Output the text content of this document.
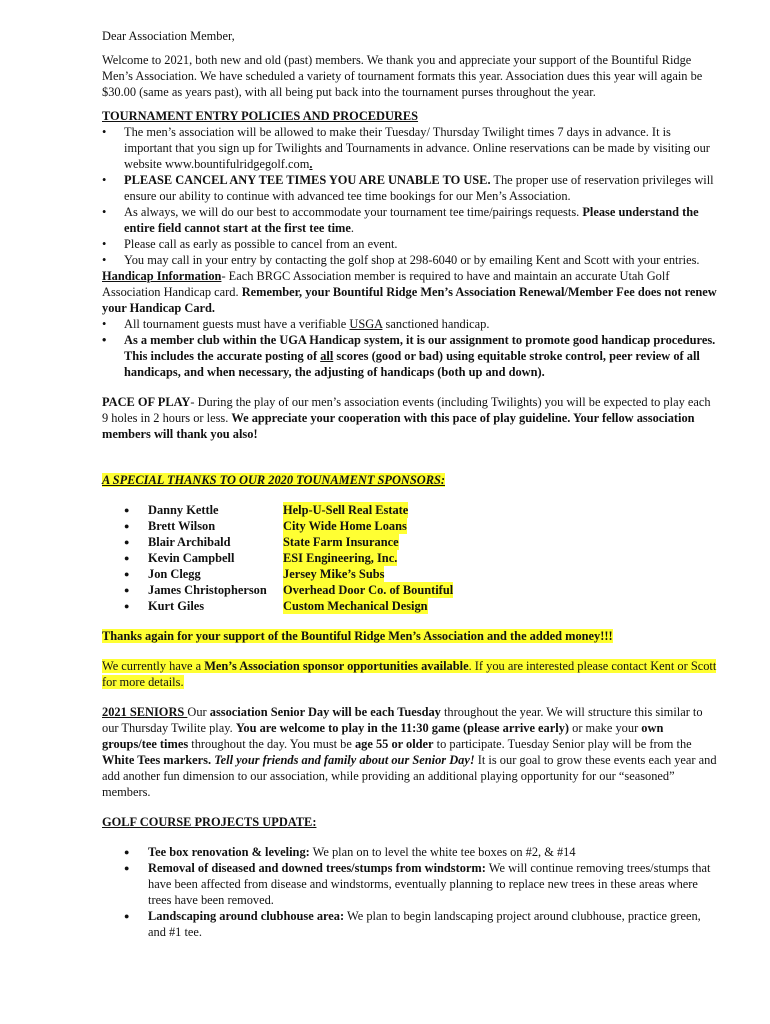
Dear Association Member,

Welcome to 2021, both new and old (past) members. We thank you and appreciate your support of the Bountiful Ridge Men’s Association. We have scheduled a variety of tournament formats this year. Association dues this year will again be $30.00 (same as years past), with all being put back into the tournament purses throughout the year.

TOURNAMENT ENTRY POLICIES AND PROCEDURES

• The men’s association will be allowed to make their Tuesday/ Thursday Twilight times 7 days in advance. It is important that you sign up for Twilights and Tournaments in advance. Online reservations can be made by visiting our website www.bountifulridgegolf.com.
• PLEASE CANCEL ANY TEE TIMES YOU ARE UNABLE TO USE. The proper use of reservation privileges will ensure our ability to continue with advanced tee time bookings for our Men’s Association.
• As always, we will do our best to accommodate your tournament tee time/pairings requests. Please understand the entire field cannot start at the first tee time.
• Please call as early as possible to cancel from an event.
• You may call in your entry by contacting the golf shop at 298-6040 or by emailing Kent and Scott with your entries.

Handicap Information- Each BRGC Association member is required to have and maintain an accurate Utah Golf Association Handicap card. Remember, your Bountiful Ridge Men’s Association Renewal/Member Fee does not renew your Handicap Card.

• All tournament guests must have a verifiable USGA sanctioned handicap.
• As a member club within the UGA Handicap system, it is our assignment to promote good handicap procedures. This includes the accurate posting of all scores (good or bad) using equitable stroke control, peer review of all handicaps, and when necessary, the adjusting of handicaps (both up and down).

PACE OF PLAY- During the play of our men’s association events (including Twilights) you will be expected to play each 9 holes in 2 hours or less. We appreciate your cooperation with this pace of play guideline. Your fellow association members will thank you also!

A SPECIAL THANKS TO OUR 2020 TOUNAMENT SPONSORS:

● Danny Kettle	Help-U-Sell Real Estate
● Brett Wilson	City Wide Home Loans
● Blair Archibald	State Farm Insurance
● Kevin Campbell	ESI Engineering, Inc.
● Jon Clegg	Jersey Mike’s Subs
● James Christopherson	Overhead Door Co. of Bountiful
● Kurt Giles	Custom Mechanical Design

Thanks again for your support of the Bountiful Ridge Men’s Association and the added money!!!

We currently have a Men’s Association sponsor opportunities available. If you are interested please contact Kent or Scott for more details.

2021 SENIORS Our association Senior Day will be each Tuesday throughout the year. We will structure this similar to our Thursday Twilite play. You are welcome to play in the 11:30 game (please arrive early) or make your own groups/tee times throughout the day. You must be age 55 or older to participate. Tuesday Senior play will be from the White Tees markers. Tell your friends and family about our Senior Day! It is our goal to grow these events each year and add another fun dimension to our association, while providing an additional playing opportunity for our “seasoned” members.

GOLF COURSE PROJECTS UPDATE:

● Tee box renovation & leveling: We plan on to level the white tee boxes on #2, & #14
● Removal of diseased and downed trees/stumps from windstorm: We will continue removing trees/stumps that have been affected from disease and windstorms, eventually planning to replace new trees in these areas where trees have been removed.
● Landscaping around clubhouse area: We plan to begin landscaping project around clubhouse, practice green, and #1 tee.
